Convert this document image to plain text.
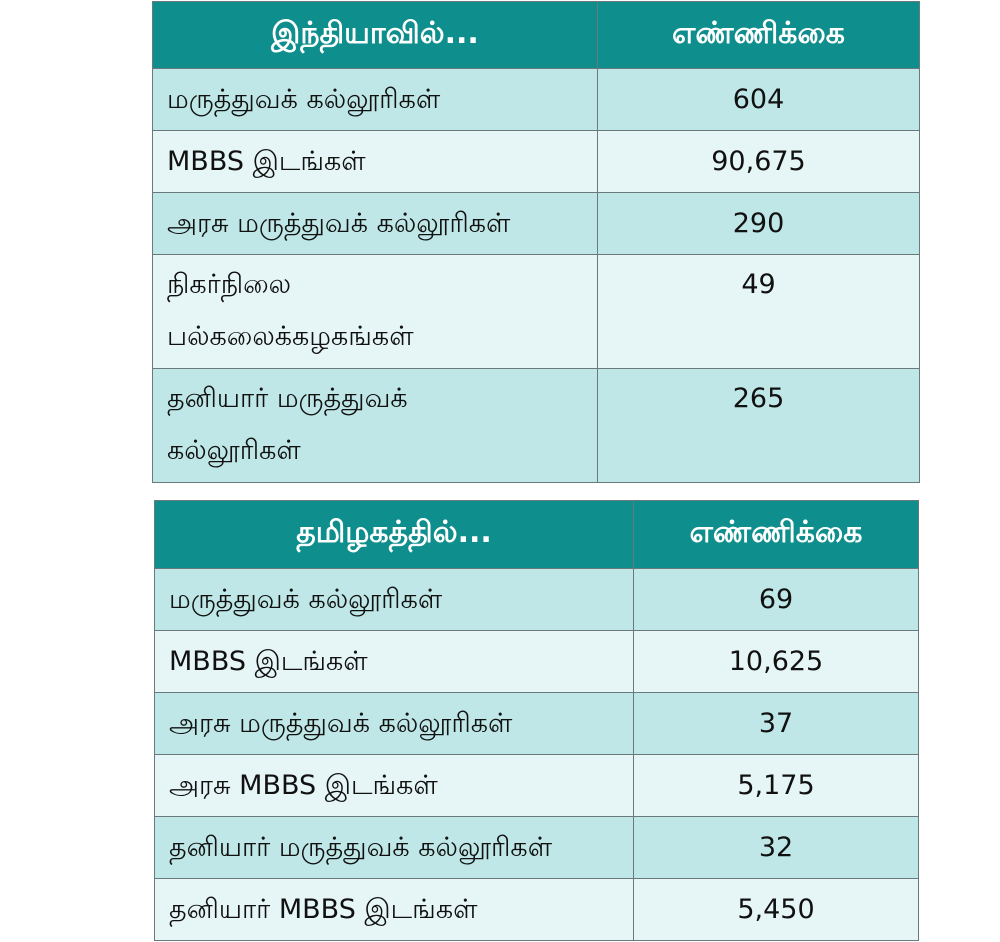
இந்தியாவில்...	எண்ணிக்கை
மருத்துவக் கல்லூரிகள்	604
MBBS இடங்கள்	90,675
அரசு மருத்துவக் கல்லூரிகள்	290

நிகர்நிலை
பல்கலைக்கழகங்கள்	49

தனியார் மருத்துவக்
கல்லூரிகள்	265
தமிழகத்தில்...	எண்ணிக்கை
மருத்துவக் கல்லூரிகள்	69
MBBS இடங்கள்	10,625
அரசு மருத்துவக் கல்லூரிகள்	37
அரசு MBBS இடங்கள்	5,175
தனியார் மருத்துவக் கல்லூரிகள்	32
தனியார் MBBS இடங்கள்	5,450
